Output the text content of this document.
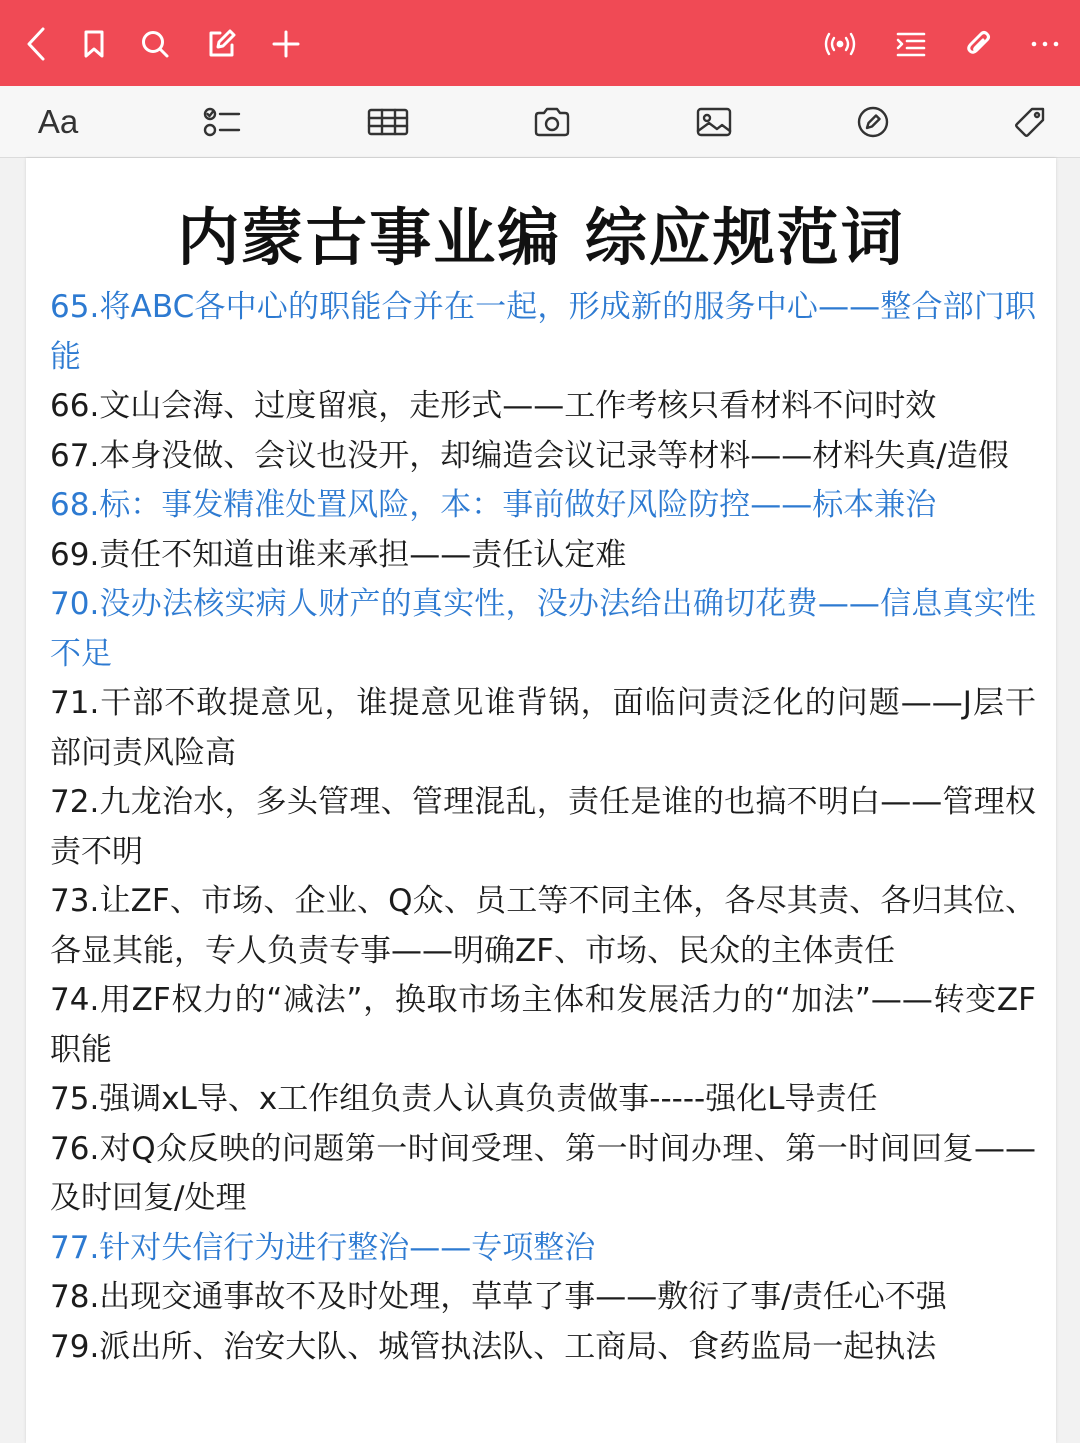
Aa
内蒙古事业编 综应规范词

65.将ABC各中心的职能合并在一起，形成新的服务中心——整合部门职能

66.文山会海、过度留痕，走形式——工作考核只看材料不问时效

67.本身没做、会议也没开，却编造会议记录等材料——材料失真/造假

68.标：事发精准处置风险，本：事前做好风险防控——标本兼治

69.责任不知道由谁来承担——责任认定难

70.没办法核实病人财产的真实性，没办法给出确切花费——信息真实性不足

71.干部不敢提意见，谁提意见谁背锅，面临问责泛化的问题——J层干部问责风险高

72.九龙治水，多头管理、管理混乱，责任是谁的也搞不明白——管理权责不明

73.让ZF、市场、企业、Q众、员工等不同主体，各尽其责、各归其位、各显其能，专人负责专事——明确ZF、市场、民众的主体责任

74.用ZF权力的“减法”，换取市场主体和发展活力的“加法”——转变ZF职能

75.强调xL导、x工作组负责人认真负责做事-----强化L导责任

76.对Q众反映的问题第一时间受理、第一时间办理、第一时间回复——及时回复/处理

77.针对失信行为进行整治——专项整治

78.出现交通事故不及时处理，草草了事——敷衍了事/责任心不强

79.派出所、治安大队、城管执法队、工商局、食药监局一起执法
